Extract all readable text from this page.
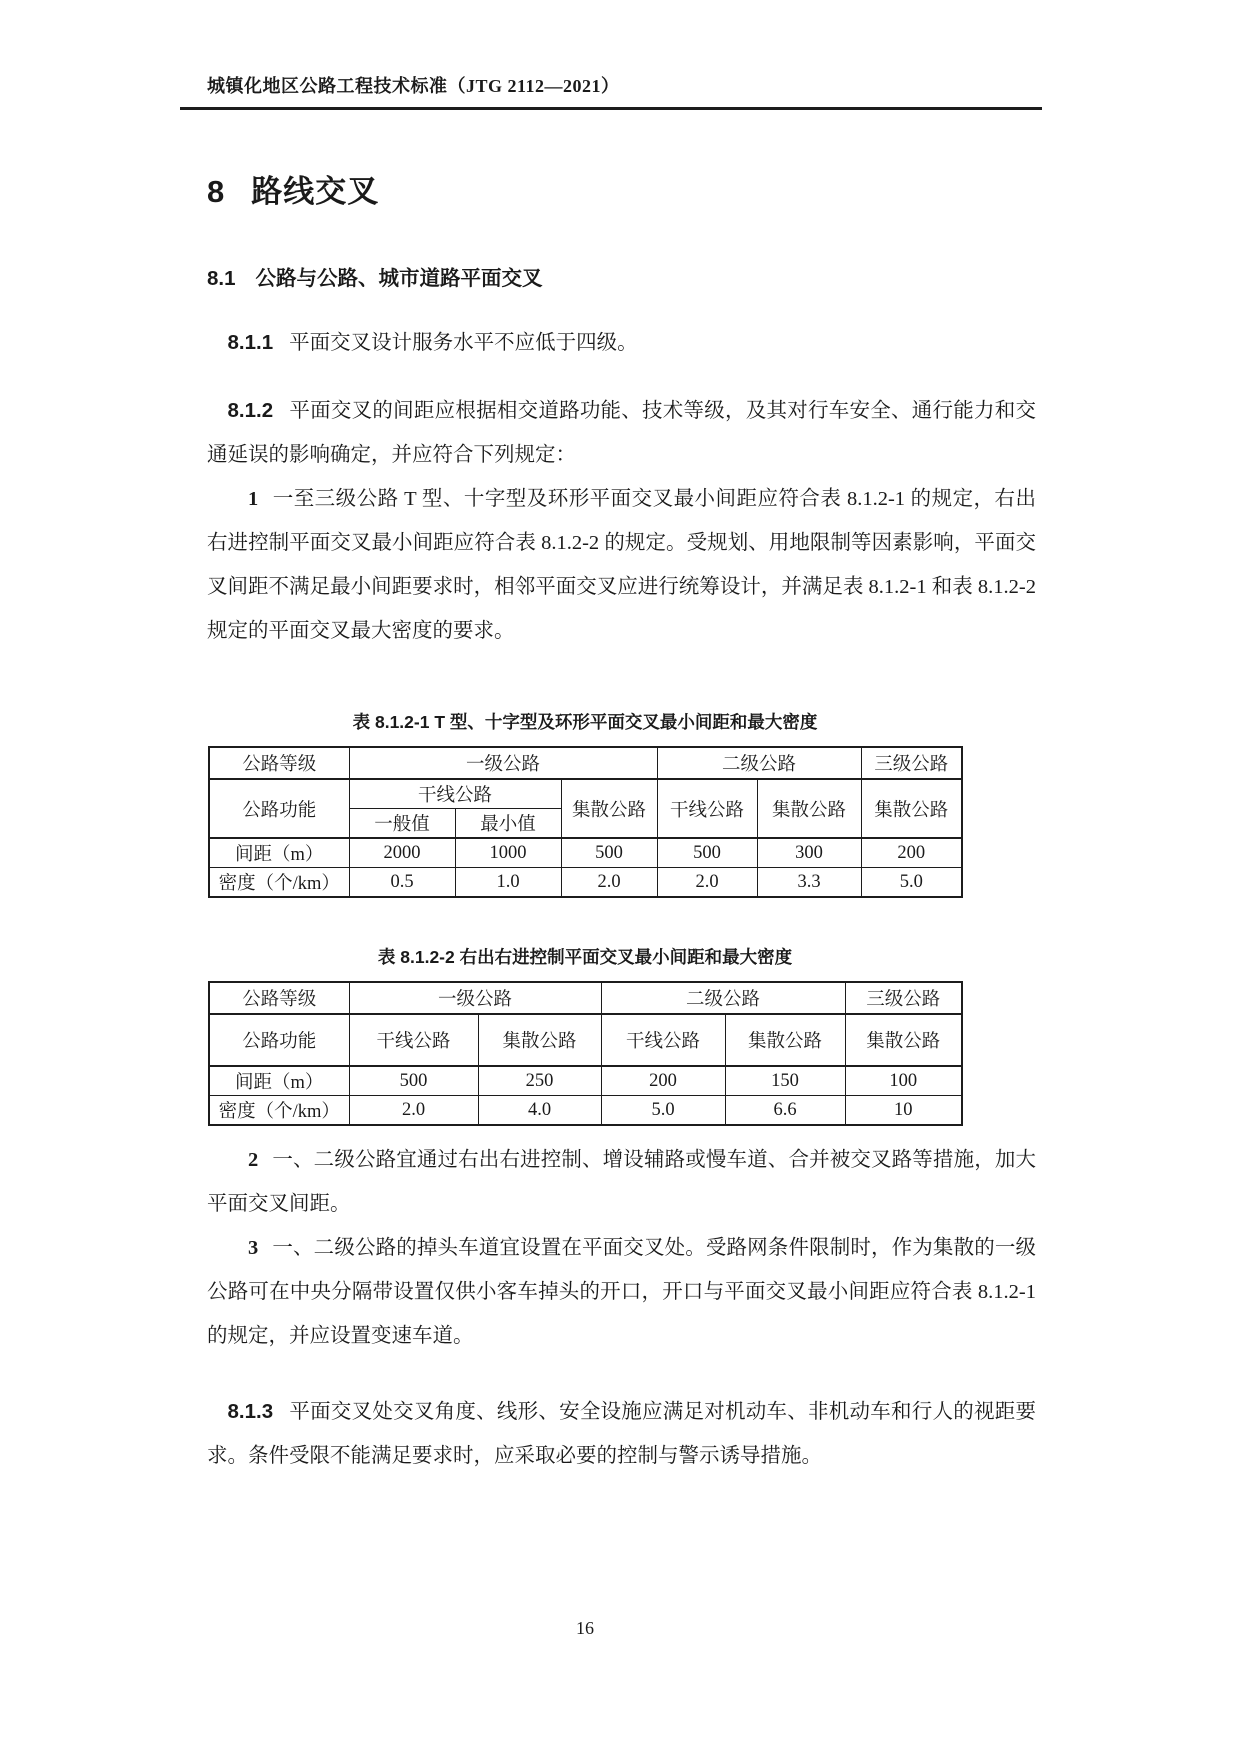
城镇化地区公路工程技术标准（JTG 2112—2021）
8 路线交叉
8.1 公路与公路、城市道路平面交叉

8.1.1 平面交叉设计服务水平不应低于四级。

8.1.2 平面交叉的间距应根据相交道路功能、技术等级，及其对行车安全、通行能力和交通延误的影响确定，并应符合下列规定：

1 一至三级公路 T 型、十字型及环形平面交叉最小间距应符合表 8.1.2-1 的规定，右出右进控制平面交叉最小间距应符合表 8.1.2-2 的规定。受规划、用地限制等因素影响，平面交叉间距不满足最小间距要求时，相邻平面交叉应进行统筹设计，并满足表 8.1.2-1 和表 8.1.2-2 规定的平面交叉最大密度的要求。

表 8.1.2-1 T 型、十字型及环形平面交叉最小间距和最大密度
公路等级	一级公路			二级公路		三级公路
公路功能	干线公路		集散公路	干线公路	集散公路	集散公路
	一般值	最小值				
间距（m）	2000	1000	500	500	300	200
密度（个/km）	0.5	1.0	2.0	2.0	3.3	5.0
表 8.1.2-2 右出右进控制平面交叉最小间距和最大密度
公路等级	一级公路		二级公路		三级公路
公路功能	干线公路	集散公路	干线公路	集散公路	集散公路
间距（m）	500	250	200	150	100
密度（个/km）	2.0	4.0	5.0	6.6	10

2 一、二级公路宜通过右出右进控制、增设辅路或慢车道、合并被交叉路等措施，加大平面交叉间距。

3 一、二级公路的掉头车道宜设置在平面交叉处。受路网条件限制时，作为集散的一级公路可在中央分隔带设置仅供小客车掉头的开口，开口与平面交叉最小间距应符合表 8.1.2-1 的规定，并应设置变速车道。

8.1.3 平面交叉处交叉角度、线形、安全设施应满足对机动车、非机动车和行人的视距要求。条件受限不能满足要求时，应采取必要的控制与警示诱导措施。

16
